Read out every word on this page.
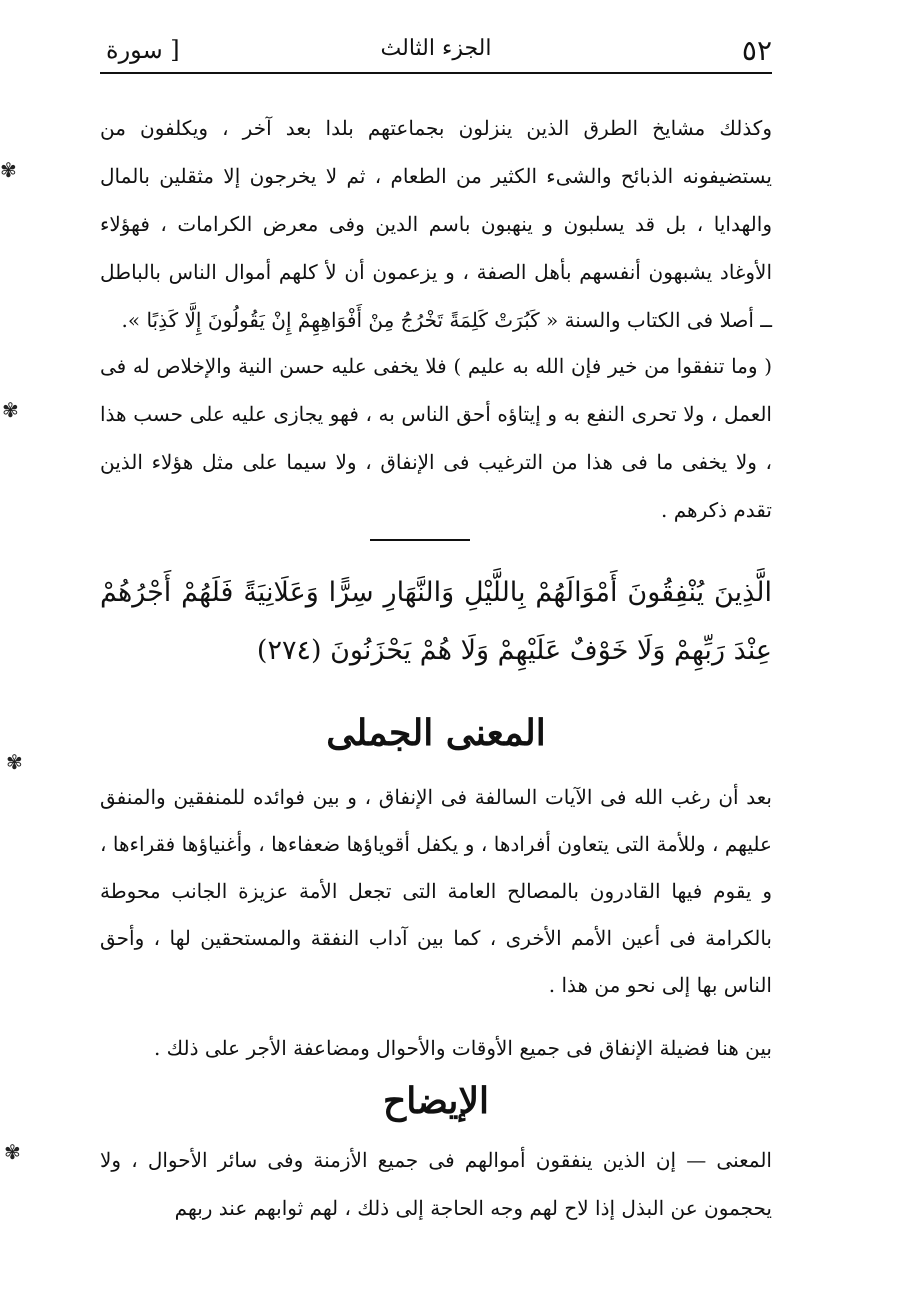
٥٢
الجزء الثالث
[ سورة
✾
✾
✾
✾

وكذلك مشايخ الطرق الذين ينزلون بجماعتهم بلدا بعد آخر ، ويكلفون من يستضيفونه الذبائح والشىء الكثير من الطعام ، ثم لا يخرجون إلا مثقلين بالمال والهدايا ، بل قد يسلبون و ينهبون باسم الدين وفى معرض الكرامات ، فهؤلاء الأوغاد يشبهون أنفسهم بأهل الصفة ، و يزعمون أن لأ كلهم أموال الناس بالباطل ــ أصلا فى الكتاب والسنة « كَبُرَتْ كَلِمَةً تَخْرُجُ مِنْ أَفْوَاهِهِمْ إِنْ يَقُولُونَ إِلَّا كَذِبًا ».

( وما تنفقوا من خير فإن الله به عليم ) فلا يخفى عليه حسن النية والإخلاص له فى العمل ، ولا تحرى النفع به و إيتاؤه أحق الناس به ، فهو يجازى عليه على حسب هذا ، ولا يخفى ما فى هذا من الترغيب فى الإنفاق ، ولا سيما على مثل هؤلاء الذين تقدم ذكرهم .

الَّذِينَ يُنْفِقُونَ أَمْوَالَهُمْ بِاللَّيْلِ وَالنَّهَارِ سِرًّا وَعَلَانِيَةً فَلَهُمْ أَجْرُهُمْ عِنْدَ رَبِّهِمْ وَلَا خَوْفٌ عَلَيْهِمْ وَلَا هُمْ يَحْزَنُونَ (٢٧٤)

المعنى الجملى

بعد أن رغب الله فى الآيات السالفة فى الإنفاق ، و بين فوائده للمنفقين والمنفق عليهم ، وللأمة التى يتعاون أفرادها ، و يكفل أقوياؤها ضعفاءها ، وأغنياؤها فقراءها ، و يقوم فيها القادرون بالمصالح العامة التى تجعل الأمة عزيزة الجانب محوطة بالكرامة فى أعين الأمم الأخرى ، كما بين آداب النفقة والمستحقين لها ، وأحق الناس بها إلى نحو من هذا .

بين هنا فضيلة الإنفاق فى جميع الأوقات والأحوال ومضاعفة الأجر على ذلك .

الإيضاح

المعنى — إن الذين ينفقون أموالهم فى جميع الأزمنة وفى سائر الأحوال ، ولا يحجمون عن البذل إذا لاح لهم وجه الحاجة إلى ذلك ، لهم ثوابهم عند ربهم
